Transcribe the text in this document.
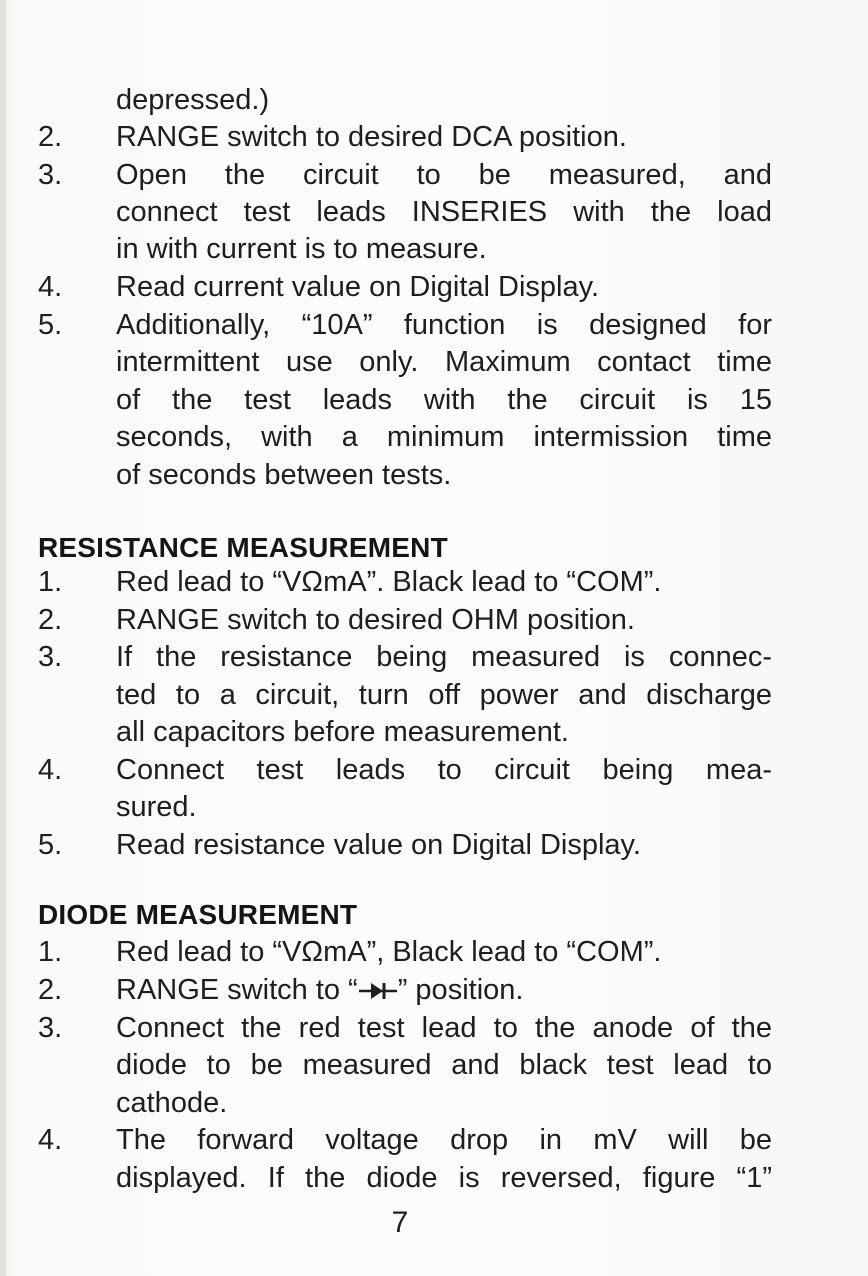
depressed.)
2. RANGE switch to desired DCA position.
3. Open the circuit to be measured, and
connect test leads INSERIES with the load
in with current is to measure.
4. Read current value on Digital Display.
5. Additionally, “10A” function is designed for
intermittent use only. Maximum contact time
of the test leads with the circuit is 15
seconds, with a minimum intermission time
of seconds between tests.
RESISTANCE MEASUREMENT
1. Red lead to “VΩmA”. Black lead to “COM”.
2. RANGE switch to desired OHM position.
3. If the resistance being measured is connec-
ted to a circuit, turn off power and discharge
all capacitors before measurement.
4. Connect test leads to circuit being mea-
sured.
5. Read resistance value on Digital Display.
DIODE MEASUREMENT
1. Red lead to “VΩmA”, Black lead to “COM”.
2. RANGE switch to “ ” position.
3. Connect the red test lead to the anode of the
diode to be measured and black test lead to
cathode.
4. The forward voltage drop in mV will be
displayed. If the diode is reversed, figure “1”
7
